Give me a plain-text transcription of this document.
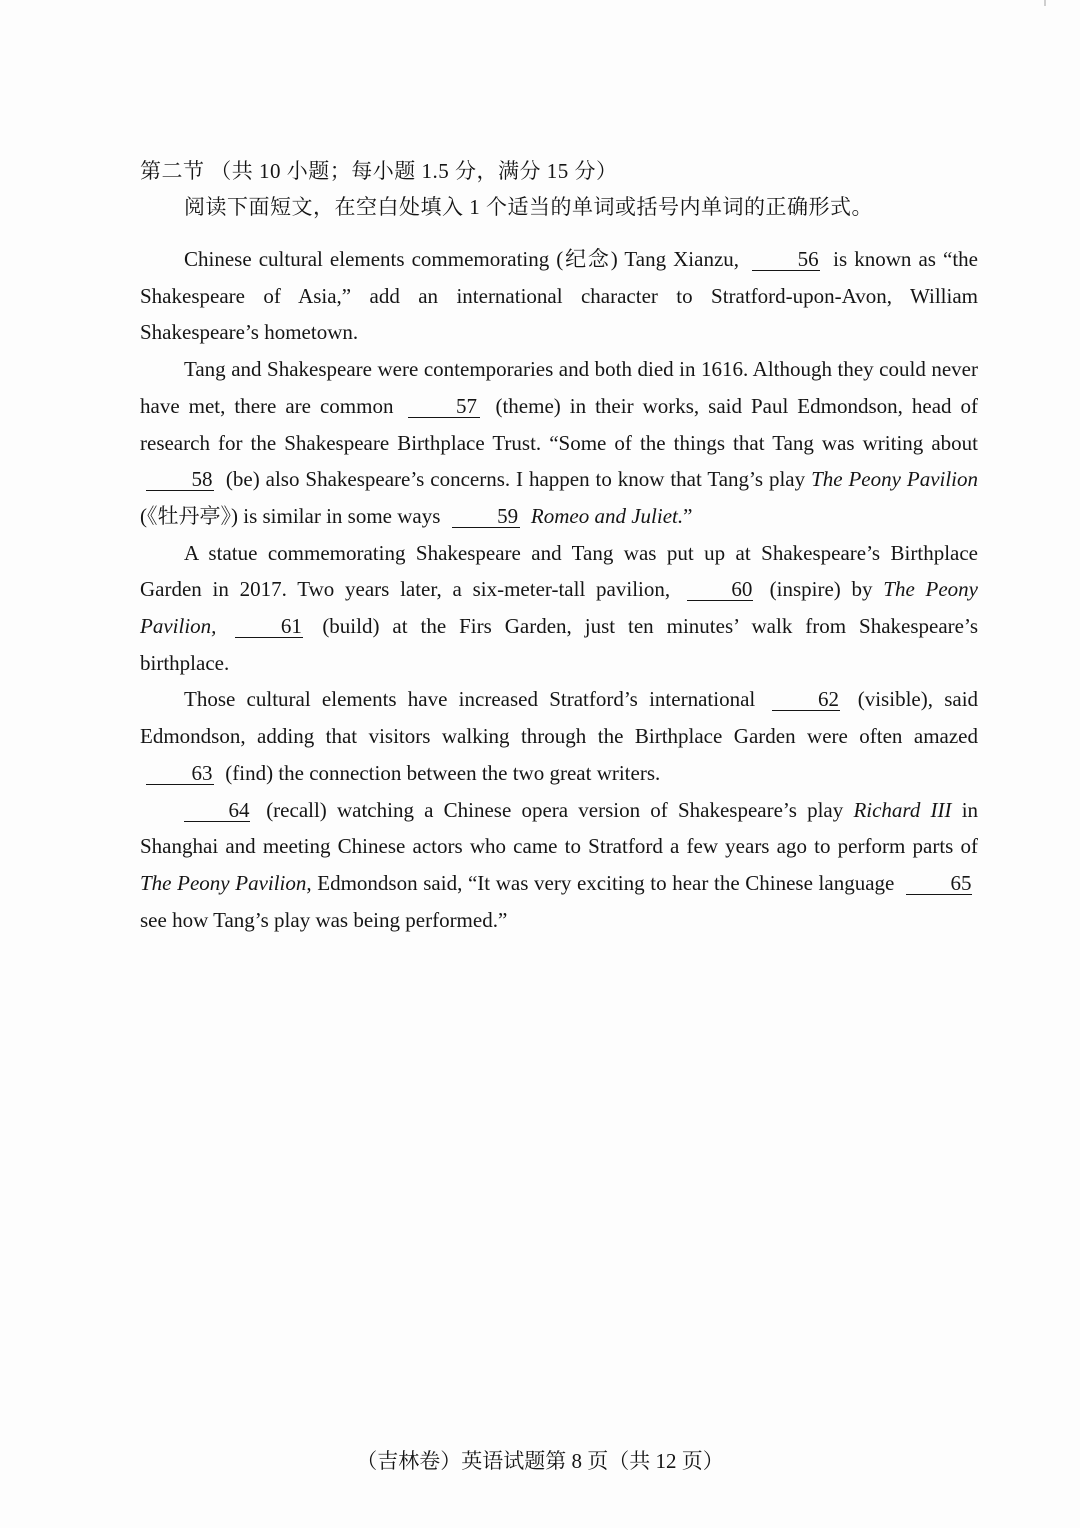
第二节 （共 10 小题；每小题 1.5 分，满分 15 分）
阅读下面短文，在空白处填入 1 个适当的单词或括号内单词的正确形式。

Chinese cultural elements commemorating (纪念) Tang Xianzu,	56 is known as “the Shakespeare of Asia,” add an international character to Stratford-upon-Avon, William Shakespeare’s hometown.

Tang and Shakespeare were contemporaries and both died in 1616. Although they could never have met, there are common	57 (theme) in their works, said Paul Edmondson, head of research for the Shakespeare Birthplace Trust. “Some of the things that Tang was writing about 58 (be) also Shakespeare’s concerns. I happen to know that Tang’s play The Peony Pavilion (《牡丹亭》) is similar in some ways	59 Romeo and Juliet.”

A statue commemorating Shakespeare and Tang was put up at Shakespeare’s Birthplace Garden in 2017. Two years later, a six-meter-tall pavilion,	60 (inspire) by The Peony Pavilion,	61 (build) at the Firs Garden, just ten minutes’ walk from Shakespeare’s birthplace.

Those cultural elements have increased Stratford’s international	62 (visible), said Edmondson, adding that visitors walking through the Birthplace Garden were often amazed 63 (find) the connection between the two great writers.

64 (recall) watching a Chinese opera version of Shakespeare’s play Richard III in Shanghai and meeting Chinese actors who came to Stratford a few years ago to perform parts of The Peony Pavilion, Edmondson said, “It was very exciting to hear the Chinese language	65 see how Tang’s play was being performed.”

（吉林卷）英语试题第 8 页（共 12 页）
